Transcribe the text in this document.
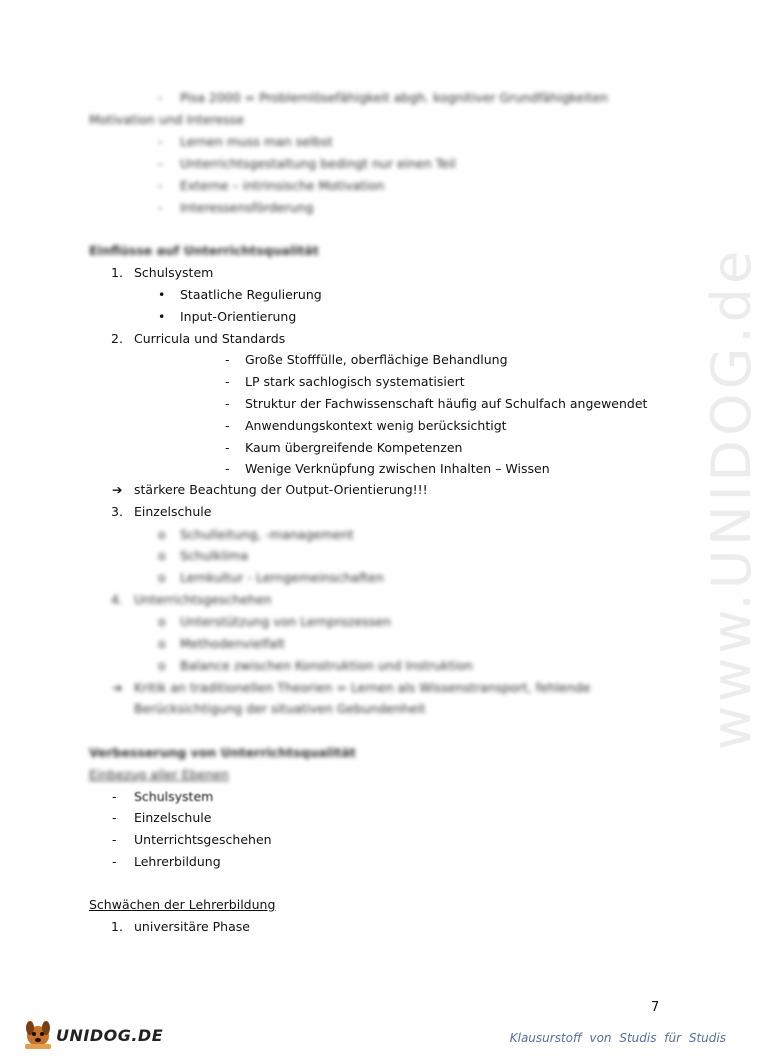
www.UNIDOG.de
- Pisa 2000 = Problemlösefähigkeit abgh. kognitiver Grundfähigkeiten
Motivation und Interesse
- Lernen muss man selbst
- Unterrichtsgestaltung bedingt nur einen Teil
- Externe – intrinsische Motivation
- Interessensförderung
Einflüsse auf Unterrichtsqualität
1. Schulsystem
• Staatliche Regulierung
• Input-Orientierung
2. Curricula und Standards
- Große Stofffülle, oberflächige Behandlung
- LP stark sachlogisch systematisiert
- Struktur der Fachwissenschaft häufig auf Schulfach angewendet
- Anwendungskontext wenig berücksichtigt
- Kaum übergreifende Kompetenzen
- Wenige Verknüpfung zwischen Inhalten – Wissen
➔ stärkere Beachtung der Output-Orientierung!!!
3. Einzelschule
o Schulleitung, -management
o Schulklima
o Lernkultur - Lerngemeinschaften
4. Unterrichtsgeschehen
o Unterstützung von Lernprozessen
o Methodenvielfalt
o Balance zwischen Konstruktion und Instruktion
➔ Kritik an traditionellen Theorien = Lernen als Wissenstransport, fehlende
Berücksichtigung der situativen Gebundenheit
Verbesserung von Unterrichtsqualität
Einbezug aller Ebenen
- Schulsystem
- Einzelschule
- Unterrichtsgeschehen
- Lehrerbildung
Schwächen der Lehrerbildung
1. universitäre Phase
7
UNIDOG.DE	Klausurstoff von Studis für Studis
